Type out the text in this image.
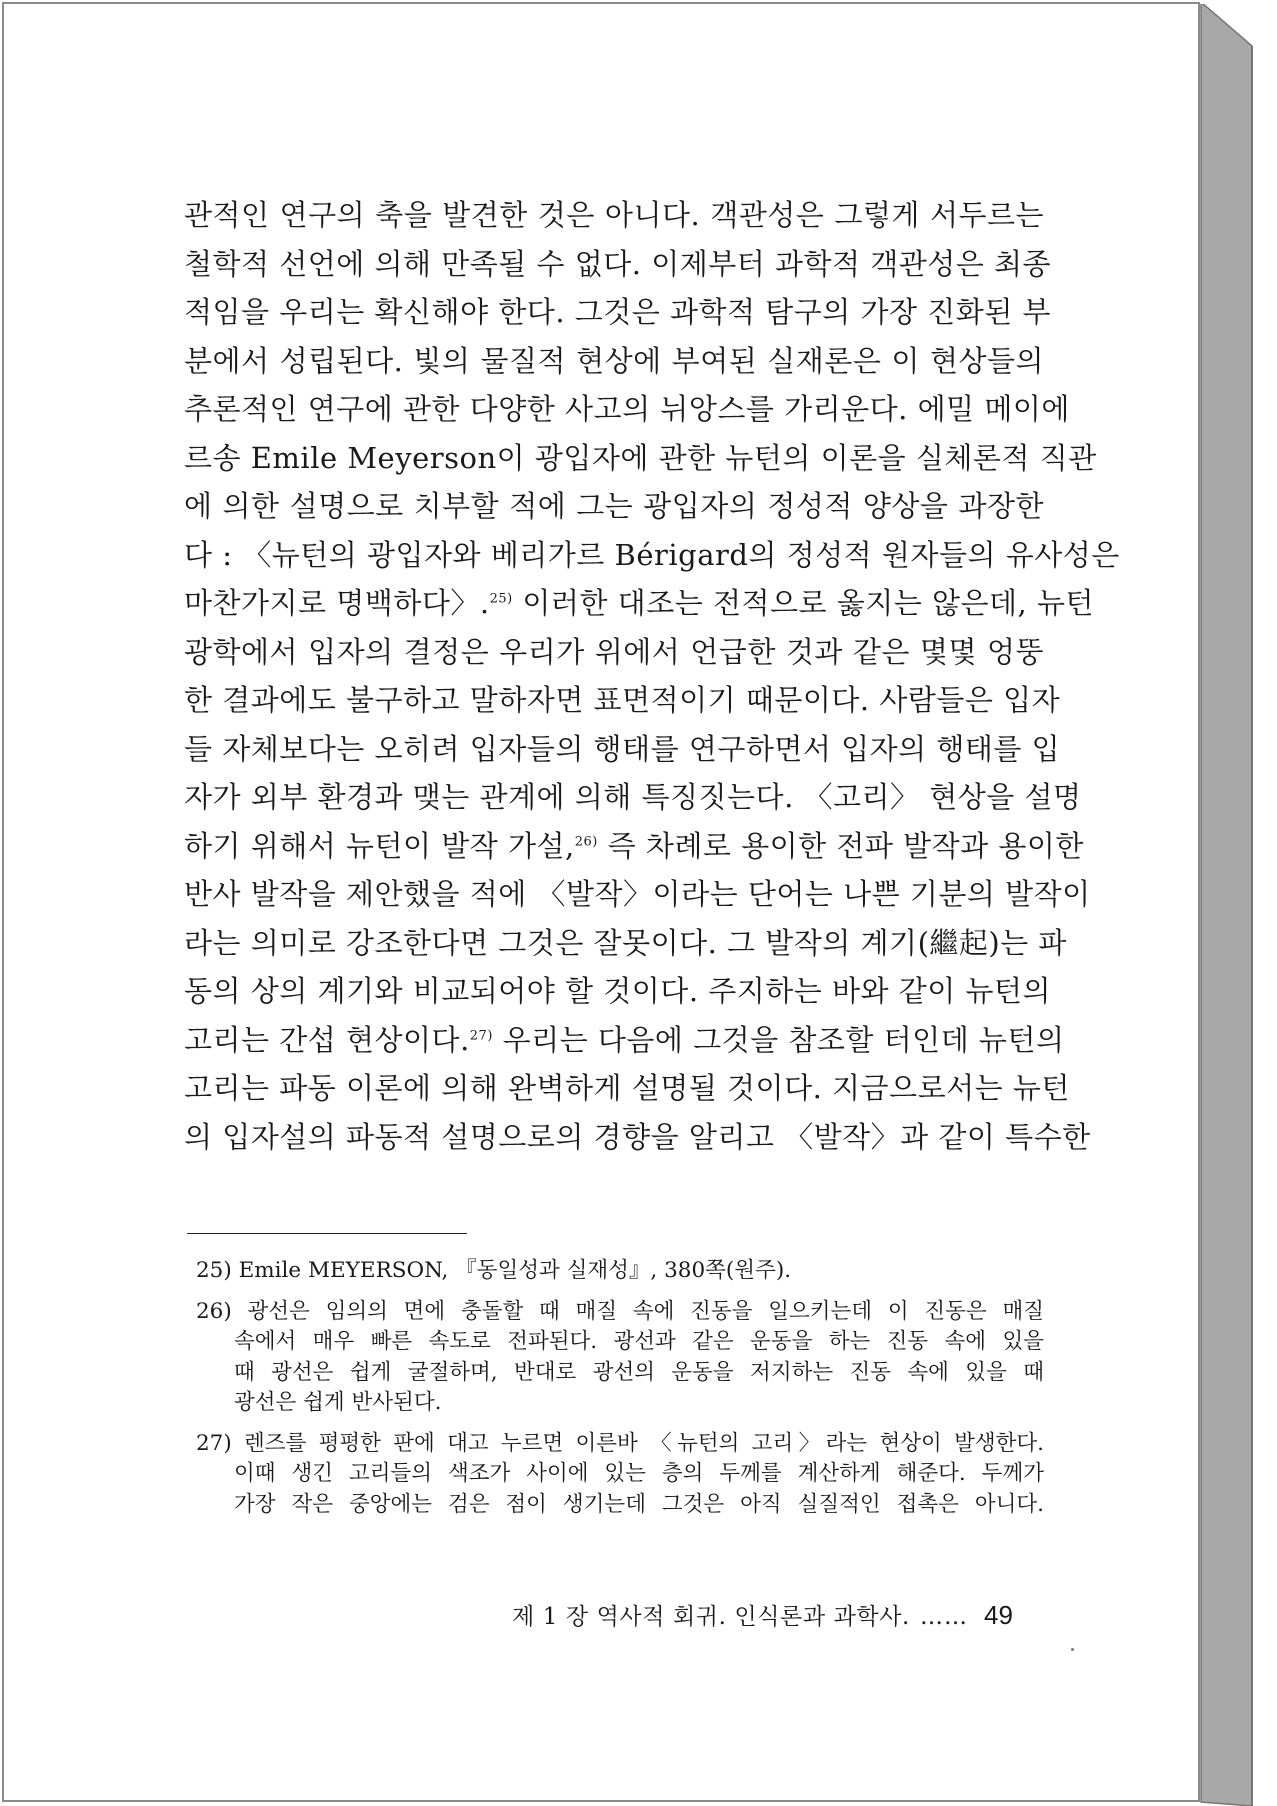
관적인 연구의 축을 발견한 것은 아니다. 객관성은 그렇게 서두르는
철학적 선언에 의해 만족될 수 없다. 이제부터 과학적 객관성은 최종
적임을 우리는 확신해야 한다. 그것은 과학적 탐구의 가장 진화된 부
분에서 성립된다. 빛의 물질적 현상에 부여된 실재론은 이 현상들의
추론적인 연구에 관한 다양한 사고의 뉘앙스를 가리운다. 에밀 메이에
르송 Emile Meyerson이 광입자에 관한 뉴턴의 이론을 실체론적 직관
에 의한 설명으로 치부할 적에 그는 광입자의 정성적 양상을 과장한
다 : 〈뉴턴의 광입자와 베리가르 Bérigard의 정성적 원자들의 유사성은
마찬가지로 명백하다〉.$^{25)}$ 이러한 대조는 전적으로 옳지는 않은데, 뉴턴
광학에서 입자의 결정은 우리가 위에서 언급한 것과 같은 몇몇 엉뚱
한 결과에도 불구하고 말하자면 표면적이기 때문이다. 사람들은 입자
들 자체보다는 오히려 입자들의 행태를 연구하면서 입자의 행태를 입
자가 외부 환경과 맺는 관계에 의해 특징짓는다. 〈고리〉 현상을 설명
하기 위해서 뉴턴이 발작 가설,$^{26)}$ 즉 차례로 용이한 전파 발작과 용이한
반사 발작을 제안했을 적에 〈발작〉이라는 단어는 나쁜 기분의 발작이
라는 의미로 강조한다면 그것은 잘못이다. 그 발작의 계기(繼起)는 파
동의 상의 계기와 비교되어야 할 것이다. 주지하는 바와 같이 뉴턴의
고리는 간섭 현상이다.$^{27)}$ 우리는 다음에 그것을 참조할 터인데 뉴턴의
고리는 파동 이론에 의해 완벽하게 설명될 것이다. 지금으로서는 뉴턴
의 입자설의 파동적 설명으로의 경향을 알리고 〈발작〉과 같이 특수한
25) Emile MEYERSON, 『동일성과 실재성』, 380쪽(원주).
26) 광선은 임의의 면에 충돌할 때 매질 속에 진동을 일으키는데 이 진동은 매질
속에서 매우 빠른 속도로 전파된다. 광선과 같은 운동을 하는 진동 속에 있을
때 광선은 쉽게 굴절하며, 반대로 광선의 운동을 저지하는 진동 속에 있을 때
광선은 쉽게 반사된다.
27) 렌즈를 평평한 판에 대고 누르면 이른바 〈뉴턴의 고리〉라는 현상이 발생한다.
이때 생긴 고리들의 색조가 사이에 있는 층의 두께를 계산하게 해준다. 두께가
가장 작은 중앙에는 검은 점이 생기는데 그것은 아직 실질적인 접촉은 아니다.
제 1 장 역사적 회귀. 인식론과 과학사. …… 49
